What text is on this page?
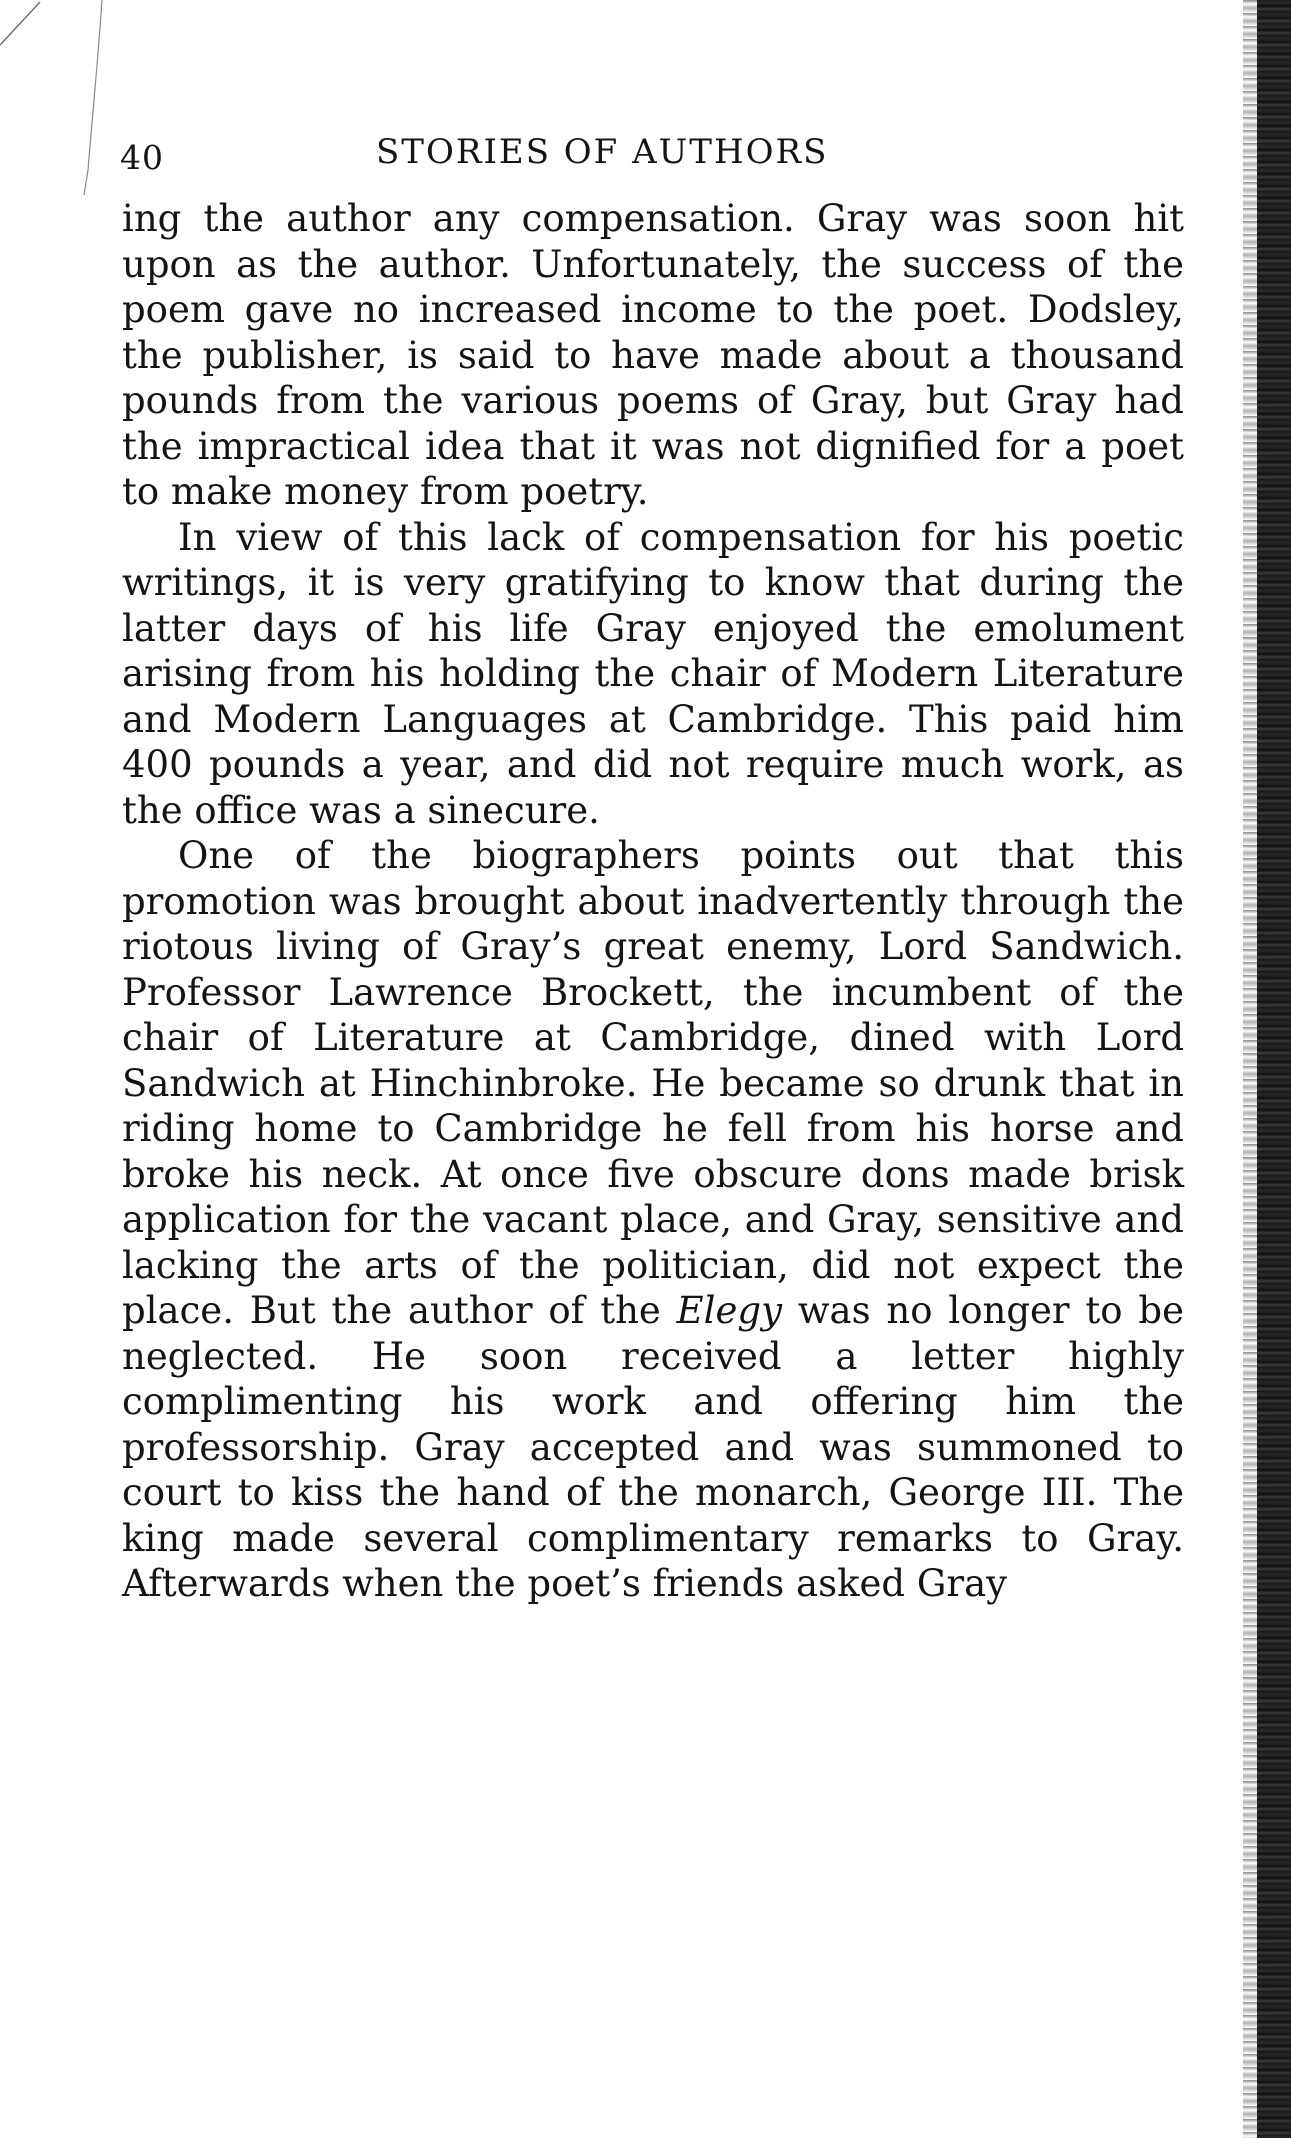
40	STORIES OF AUTHORS

ing the author any compensation. Gray was soon hit upon as the author. Unfortunately, the success of the poem gave no increased income to the poet. Dodsley, the publisher, is said to have made about a thousand pounds from the various poems of Gray, but Gray had the impractical idea that it was not dignified for a poet to make money from poetry.

In view of this lack of compensation for his poetic writings, it is very gratifying to know that during the latter days of his life Gray enjoyed the emolument arising from his holding the chair of Modern Literature and Modern Languages at Cambridge. This paid him 400 pounds a year, and did not require much work, as the office was a sinecure.

One of the biographers points out that this promotion was brought about inadvertently through the riotous living of Gray’s great enemy, Lord Sandwich. Professor Lawrence Brockett, the incumbent of the chair of Literature at Cambridge, dined with Lord Sandwich at Hinchinbroke. He became so drunk that in riding home to Cambridge he fell from his horse and broke his neck. At once five obscure dons made brisk application for the vacant place, and Gray, sensitive and lacking the arts of the politician, did not expect the place. But the author of the Elegy was no longer to be neglected. He soon received a letter highly complimenting his work and offering him the professorship. Gray accepted and was summoned to court to kiss the hand of the monarch, George III. The king made several complimentary remarks to Gray. Afterwards when the poet’s friends asked Gray
